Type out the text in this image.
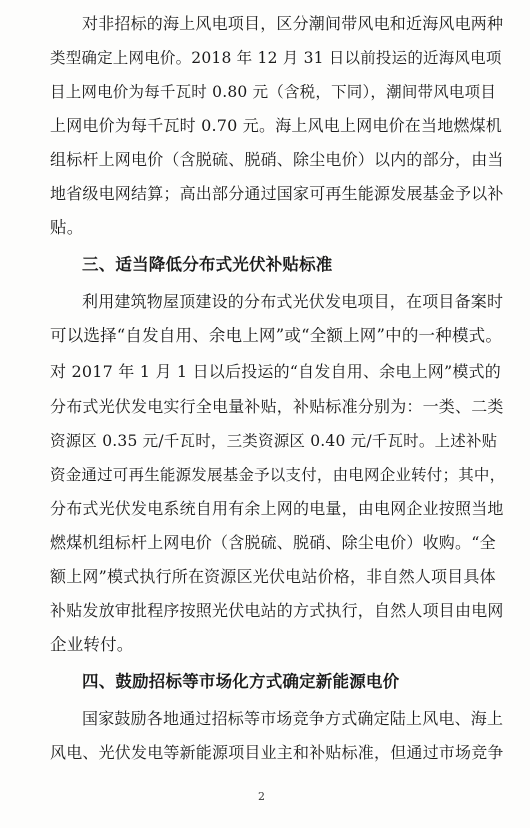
对非招标的海上风电项目，区分潮间带风电和近海风电两种
类型确定上网电价。2018 年 12 月 31 日以前投运的近海风电项
目上网电价为每千瓦时 0.80 元（含税，下同），潮间带风电项目
上网电价为每千瓦时 0.70 元。海上风电上网电价在当地燃煤机
组标杆上网电价（含脱硫、脱硝、除尘电价）以内的部分，由当
地省级电网结算；高出部分通过国家可再生能源发展基金予以补
贴。
三、适当降低分布式光伏补贴标准
利用建筑物屋顶建设的分布式光伏发电项目，在项目备案时
可以选择“自发自用、余电上网”或“全额上网”中的一种模式。
对 2017 年 1 月 1 日以后投运的“自发自用、余电上网”模式的
分布式光伏发电实行全电量补贴，补贴标准分别为：一类、二类
资源区 0.35 元/千瓦时，三类资源区 0.40 元/千瓦时。上述补贴
资金通过可再生能源发展基金予以支付，由电网企业转付；其中，
分布式光伏发电系统自用有余上网的电量，由电网企业按照当地
燃煤机组标杆上网电价（含脱硫、脱硝、除尘电价）收购。“全
额上网”模式执行所在资源区光伏电站价格，非自然人项目具体
补贴发放审批程序按照光伏电站的方式执行，自然人项目由电网
企业转付。
四、鼓励招标等市场化方式确定新能源电价
国家鼓励各地通过招标等市场竞争方式确定陆上风电、海上
风电、光伏发电等新能源项目业主和补贴标准，但通过市场竞争
2
